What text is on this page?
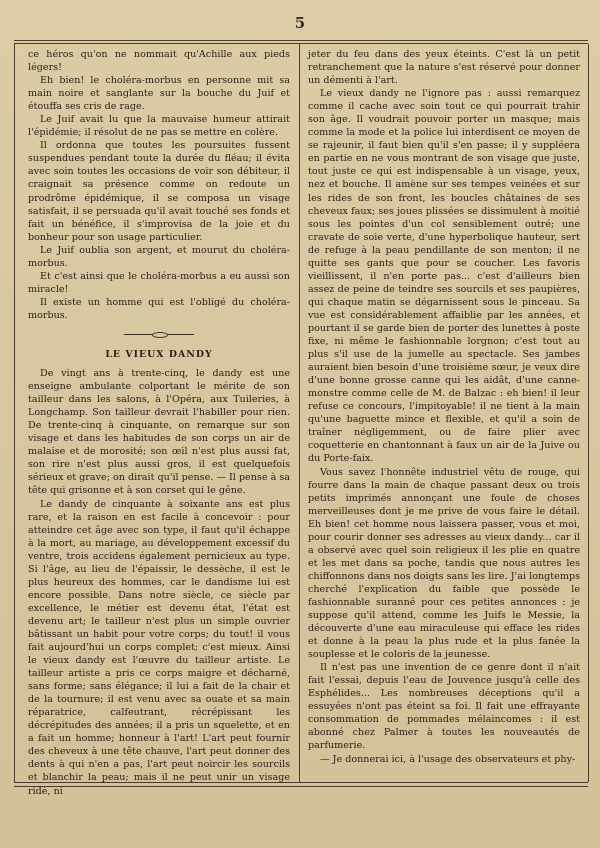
5

ce héros qu'on ne nommait qu'Achille aux pieds légers!

Eh bien! le choléra-morbus en personne mit sa main noire et sanglante sur la bouche du Juif et étouffa ses cris de rage.

Le Juif avait lu que la mauvaise humeur attirait l'épidémie; il résolut de ne pas se mettre en colère.

Il ordonna que toutes les poursuites fussent suspendues pendant toute la durée du fléau; il évita avec soin toutes les occasions de voir son débiteur, il craignait sa présence comme on redoute un prodrôme épidémique, il se composa un visage satisfait, il se persuada qu'il avait touché ses fonds et fait un bénéfice, il s'improvisa de la joie et du bonheur pour son usage particulier.

Le Juif oublia son argent, et mourut du choléra-morbus.

Et c'est ainsi que le choléra-morbus a eu aussi son miracle!

Il existe un homme qui est l'obligé du choléra-morbus.

LE VIEUX DANDY

De vingt ans à trente-cinq, le dandy est une enseigne ambulante colportant le mérite de son tailleur dans les salons, à l'Opéra, aux Tuileries, à Longchamp. Son tailleur devrait l'habiller pour rien. De trente-cinq à cinquante, on remarque sur son visage et dans les habitudes de son corps un air de malaise et de morosité; son œil n'est plus aussi fat, son rire n'est plus aussi gros, il est quelquefois sérieux et grave; on dirait qu'il pense. — Il pense à sa tête qui grisonne et à son corset qui le gêne.

Le dandy de cinquante à soixante ans est plus rare, et la raison en est facile à concevoir : pour atteindre cet âge avec son type, il faut qu'il échappe à la mort, au mariage, au développement excessif du ventre, trois accidens également pernicieux au type. Si l'âge, au lieu de l'épaissir, le dessèche, il est le plus heureux des hommes, car le dandisme lui est encore possible. Dans notre siècle, ce siècle par excellence, le métier est devenu état, l'état est devenu art; le tailleur n'est plus un simple ouvrier bâtissant un habit pour votre corps; du tout! il vous fait aujourd'hui un corps complet; c'est mieux. Ainsi le vieux dandy est l'œuvre du tailleur artiste. Le tailleur artiste a pris ce corps maigre et décharné, sans forme; sans élégance; il lui a fait de la chair et de la tournure; il est venu avec sa ouate et sa main réparatrice, calfeutrant, récrépissant les décrépitudes des années; il a pris un squelette, et en a fait un homme; honneur à l'art! L'art peut fournir des cheveux à une tête chauve, l'art peut donner des dents à qui n'en a pas, l'art peut noircir les sourcils et blanchir la peau; mais il ne peut unir un visage ridé, ni

jeter du feu dans des yeux éteints. C'est là un petit retranchement que la nature s'est réservé pour donner un démenti à l'art.

Le vieux dandy ne l'ignore pas : aussi remarquez comme il cache avec soin tout ce qui pourrait trahir son âge. Il voudrait pouvoir porter un masque; mais comme la mode et la police lui interdisent ce moyen de se rajeunir, il faut bien qu'il s'en passe; il y suppléera en partie en ne vous montrant de son visage que juste, tout juste ce qui est indispensable à un visage, yeux, nez et bouche. Il amène sur ses tempes veinées et sur les rides de son front, les boucles châtaines de ses cheveux faux; ses joues plissées se dissimulent à moitié sous les pointes d'un col sensiblement outré; une cravate de soie verte, d'une hyperbolique hauteur, sert de refuge à la peau pendillante de son menton; il ne quitte ses gants que pour se coucher. Les favoris vieillissent, il n'en porte pas... c'est d'ailleurs bien assez de peine de teindre ses sourcils et ses paupières, qui chaque matin se dégarnissent sous le pinceau. Sa vue est considérablement affaiblie par les années, et pourtant il se garde bien de porter des lunettes à poste fixe, ni même le fashionnable lorgnon; c'est tout au plus s'il use de la jumelle au spectacle. Ses jambes auraient bien besoin d'une troisième sœur, je veux dire d'une bonne grosse canne qui les aidât, d'une canne-monstre comme celle de M. de Balzac : eh bien! il leur refuse ce concours, l'impitoyable! il ne tient à la main qu'une baguette mince et flexible, et qu'il a soin de traîner négligemment, ou de faire plier avec coquetterie en chantonnant à faux un air de la Juive ou du Porte-faix.

Vous savez l'honnête industriel vêtu de rouge, qui fourre dans la main de chaque passant deux ou trois petits imprimés annonçant une foule de choses merveilleuses dont je me prive de vous faire le détail. Eh bien! cet homme nous laissera passer, vous et moi, pour courir donner ses adresses au vieux dandy... car il a observé avec quel soin religieux il les plie en quatre et les met dans sa poche, tandis que nous autres les chiffonnons dans nos doigts sans les lire. J'ai longtemps cherché l'explication du faible que possède le fashionnable suranné pour ces petites annonces : je suppose qu'il attend, comme les Juifs le Messie, la découverte d'une eau miraculeuse qui efface les rides et donne à la peau la plus rude et la plus fanée la souplesse et le coloris de la jeunesse.

Il n'est pas une invention de ce genre dont il n'ait fait l'essai, depuis l'eau de Jouvence jusqu'à celle des Esphélides... Les nombreuses déceptions qu'il a essuyées n'ont pas éteint sa foi. Il fait une effrayante consommation de pommades mélaincomes : il est abonné chez Palmer à toutes les nouveautés de parfumerie.

— Je donnerai ici, à l'usage des observateurs et phy-
